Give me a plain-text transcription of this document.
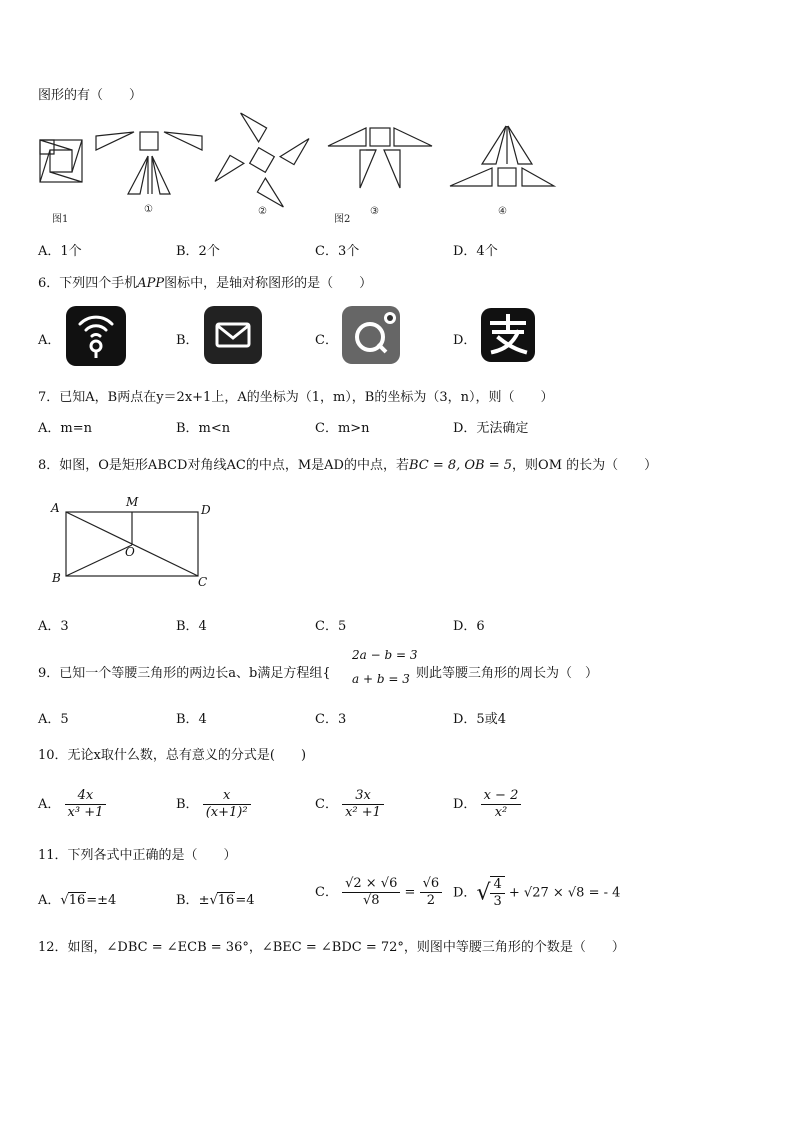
图形的有（　　）
图1
①	②
图2
③	④
A．1个	B．2个	C．3个	D．4个
6．下列四个手机APP图标中，是轴对称图形的是（　　）
A．	B．	C．	D．
7．已知A，B两点在y＝2x+1上，A的坐标为（1，m），B的坐标为（3，n），则（　　）
A．m=n	B．m<n	C．m>n	D．无法确定
8．如图，O是矩形ABCD对角线AC的中点，M是AD的中点，若BC = 8, OB = 5，则OM 的长为（　　）
A	M
D
O
B	C
A．3	B．4	C．5	D．6
9．已知一个等腰三角形的两边长a、b满足方程组{
2a − b = 3
a + b = 3 则此等腰三角形的周长为（　）
A．5	B．4	C．3	D．5或4
10．无论x取什么数，总有意义的分式是(　　)
A． $\frac{4x}{\text{x³ +1}}$	B． $\frac{x}{\text{(x+1)²}}$	C． $\frac{3x}{\text{x² +1}}$	D． $\frac{x - 2}{\text{x²}}$
11．下列各式中正确的是（　　）
A．√16=±4	B．±√16=4
C． $\frac{√2 \times √6}{√8} = \frac{√6}{2}$ D．√ $\frac{4}{3} + √27 \times √8$ = - 4
12．如图，∠DBC = ∠ECB = 36°，∠BEC = ∠BDC = 72°，则图中等腰三角形的个数是（　　）
